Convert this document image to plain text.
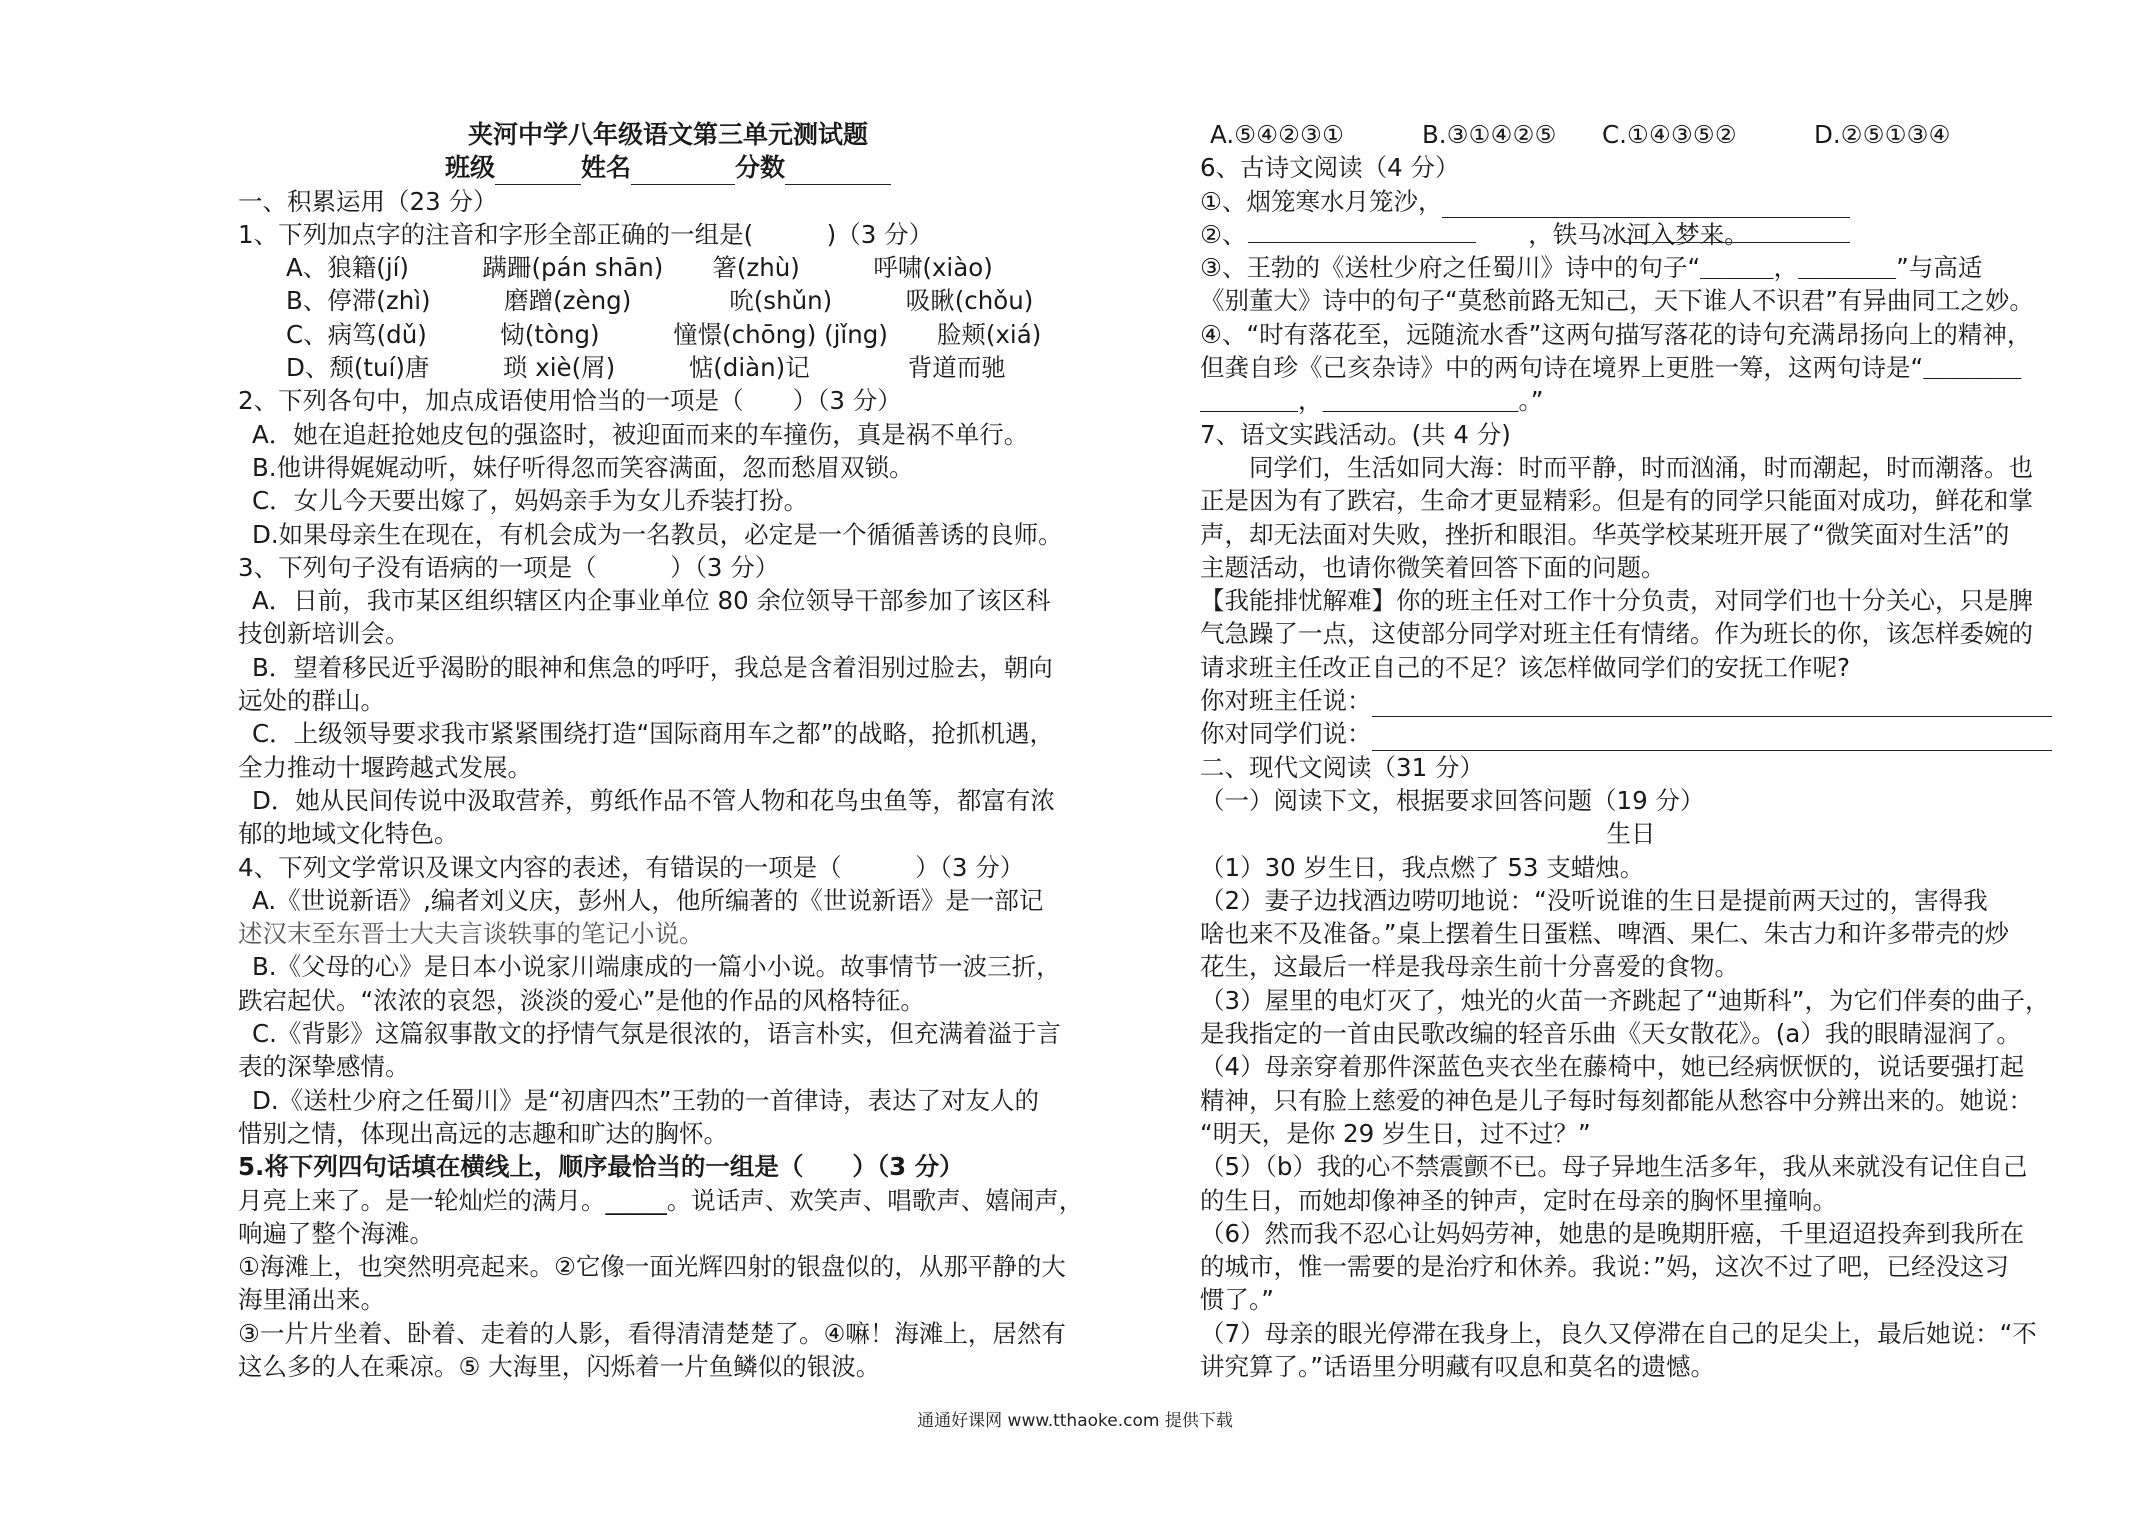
夹河中学八年级语文第三单元测试题
班级	姓名	分数
一、积累运用（23 分）
1、下列加点字的注音和字形全部正确的一组是(　　　)（3 分）
A、狼籍(jí)　　　蹒跚(pán shān)　　箸(zhù)　　　呼啸(xiào)
B、停滞(zhì)　　　磨蹭(zèng)　　　　吮(shǔn)　　　吸瞅(chǒu)
C、病笃(dǔ)　　　恸(tòng)　　　憧憬(chōng) (jǐng)　　脸颊(xiá)
D、颓(tuí)唐　　　琐 xiè(屑)　　　惦(diàn)记　　　　背道而驰
2、下列各句中，加点成语使用恰当的一项是（　　）（3 分）
A．她在追赶抢她皮包的强盗时，被迎面而来的车撞伤，真是祸不单行。
B.他讲得娓娓动听，妹仔听得忽而笑容满面，忽而愁眉双锁。
C．女儿今天要出嫁了，妈妈亲手为女儿乔装打扮。
D.如果母亲生在现在，有机会成为一名教员，必定是一个循循善诱的良师。
3、下列句子没有语病的一项是（　　　）（3 分）
A．日前，我市某区组织辖区内企事业单位 80 余位领导干部参加了该区科
技创新培训会。
B．望着移民近乎渴盼的眼神和焦急的呼吁，我总是含着泪别过脸去，朝向
远处的群山。
C．上级领导要求我市紧紧围绕打造“国际商用车之都”的战略，抢抓机遇，
全力推动十堰跨越式发展。
D．她从民间传说中汲取营养，剪纸作品不管人物和花鸟虫鱼等，都富有浓
郁的地域文化特色。
4、下列文学常识及课文内容的表述，有错误的一项是（　　　）（3 分）
A.《世说新语》,编者刘义庆，彭州人，他所编著的《世说新语》是一部记
述汉末至东晋士大夫言谈轶事的笔记小说。
B.《父母的心》是日本小说家川端康成的一篇小小说。故事情节一波三折，
跌宕起伏。“浓浓的哀怨，淡淡的爱心”是他的作品的风格特征。
C.《背影》这篇叙事散文的抒情气氛是很浓的，语言朴实，但充满着溢于言
表的深挚感情。
D.《送杜少府之任蜀川》是“初唐四杰”王勃的一首律诗，表达了对友人的
惜别之情，体现出高远的志趣和旷达的胸怀。
5.将下列四句话填在横线上，顺序最恰当的一组是（　　）（3 分）
月亮上来了。是一轮灿烂的满月。_____。说话声、欢笑声、唱歌声、嬉闹声，
响遍了整个海滩。
①海滩上，也突然明亮起来。②它像一面光辉四射的银盘似的，从那平静的大
海里涌出来。
③一片片坐着、卧着、走着的人影，看得清清楚楚了。④嘛！海滩上，居然有
这么多的人在乘凉。⑤ 大海里，闪烁着一片鱼鳞似的银波。
A.⑤④②③①	B.③①④②⑤ C.①④③⑤②	D.②⑤①③④
6、古诗文阅读（4 分）
①、烟笼寒水月笼沙，
②、　　　　　　　　　　　　，铁马冰河入梦来。
③、王勃的《送杜少府之任蜀川》诗中的句子“＿＿＿，＿＿＿＿”与高适
《别董大》诗中的句子“莫愁前路无知己，天下谁人不识君”有异曲同工之妙。
④、“时有落花至，远随流水香”这两句描写落花的诗句充满昂扬向上的精神，
但龚自珍《己亥杂诗》中的两句诗在境界上更胜一筹，这两句诗是“＿＿＿＿
＿＿＿＿，＿＿＿＿＿＿＿＿。”
7、语文实践活动。(共 4 分)
　　同学们，生活如同大海：时而平静，时而汹涌，时而潮起，时而潮落。也
正是因为有了跌宕，生命才更显精彩。但是有的同学只能面对成功，鲜花和掌
声，却无法面对失败，挫折和眼泪。华英学校某班开展了“微笑面对生活”的
主题活动，也请你微笑着回答下面的问题。
【我能排忧解难】你的班主任对工作十分负责，对同学们也十分关心，只是脾
气急躁了一点，这使部分同学对班主任有情绪。作为班长的你，该怎样委婉的
请求班主任改正自己的不足？该怎样做同学们的安抚工作呢?
你对班主任说：
你对同学们说：
二、现代文阅读（31 分）
（一）阅读下文，根据要求回答问题（19 分）
生日
（1）30 岁生日，我点燃了 53 支蜡烛。
（2）妻子边找酒边唠叨地说：“没听说谁的生日是提前两天过的，害得我
啥也来不及准备。”桌上摆着生日蛋糕、啤酒、果仁、朱古力和许多带壳的炒
花生，这最后一样是我母亲生前十分喜爱的食物。
（3）屋里的电灯灭了，烛光的火苗一齐跳起了“迪斯科”，为它们伴奏的曲子，
是我指定的一首由民歌改编的轻音乐曲《天女散花》。(a）我的眼睛湿润了。
（4）母亲穿着那件深蓝色夹衣坐在藤椅中，她已经病恹恹的，说话要强打起
精神，只有脸上慈爱的神色是儿子每时每刻都能从愁容中分辨出来的。她说：
“明天，是你 29 岁生日，过不过？”
（5）（b）我的心不禁震颤不已。母子异地生活多年，我从来就没有记住自己
的生日，而她却像神圣的钟声，定时在母亲的胸怀里撞响。
（6）然而我不忍心让妈妈劳神，她患的是晚期肝癌，千里迢迢投奔到我所在
的城市，惟一需要的是治疗和休养。我说：”妈，这次不过了吧，已经没这习
惯了。”
（7）母亲的眼光停滞在我身上，良久又停滞在自己的足尖上，最后她说：“不
讲究算了。”话语里分明藏有叹息和莫名的遗憾。
通通好课网 www.tthaoke.com 提供下载
